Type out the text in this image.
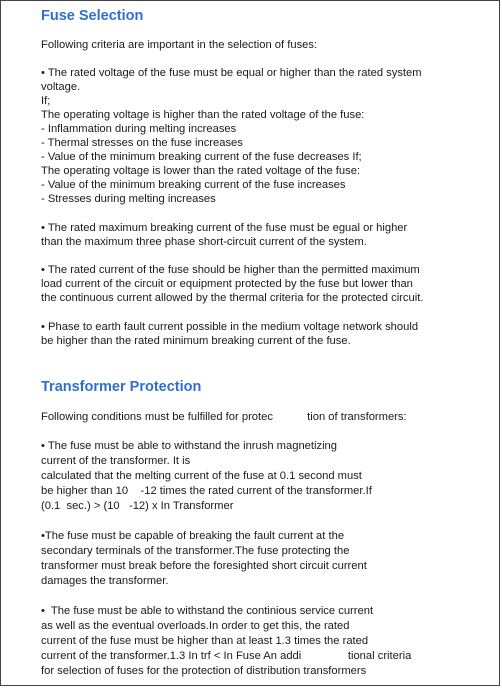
Fuse Selection
Following criteria are important in the selection of fuses:
• The rated voltage of the fuse must be equal or higher than the rated system
voltage.
If;
The operating voltage is higher than the rated voltage of the fuse:
- Inflammation during melting increases
- Thermal stresses on the fuse increases
- Value of the minimum breaking current of the fuse decreases If;
The operating voltage is lower than the rated voltage of the fuse:
- Value of the minimum breaking current of the fuse increases
- Stresses during melting increases
• The rated maximum breaking current of the fuse must be egual or higher
than the maximum three phase short-circuit current of the system.
• The rated current of the fuse should be higher than the permitted maximum
load current of the circuit or equipment protected by the fuse but lower than
the continuous current allowed by the thermal criteria for the protected circuit.
• Phase to earth fault current possible in the medium voltage network should
be higher than the rated minimum breaking current of the fuse.
Transformer Protection
Following conditions must be fulfilled for protec           tion of transformers:
• The fuse must be able to withstand the inrush magnetizing
current of the transformer. It is
calculated that the melting current of the fuse at 0.1 second must
be higher than 10    -12 times the rated current of the transformer.If
(0.1  sec.) > (10   -12) x In Transformer
•The fuse must be capable of breaking the fault current at the
secondary terminals of the transformer.The fuse protecting the
transformer must break before the foresighted short circuit current
damages the transformer.
•  The fuse must be able to withstand the continious service current
as well as the eventual overloads.In order to get this, the rated
current of the fuse must be higher than at least 1.3 times the rated
current of the transformer.1.3 In trf < In Fuse An addi               tional criteria
for selection of fuses for the protection of distribution transformers
